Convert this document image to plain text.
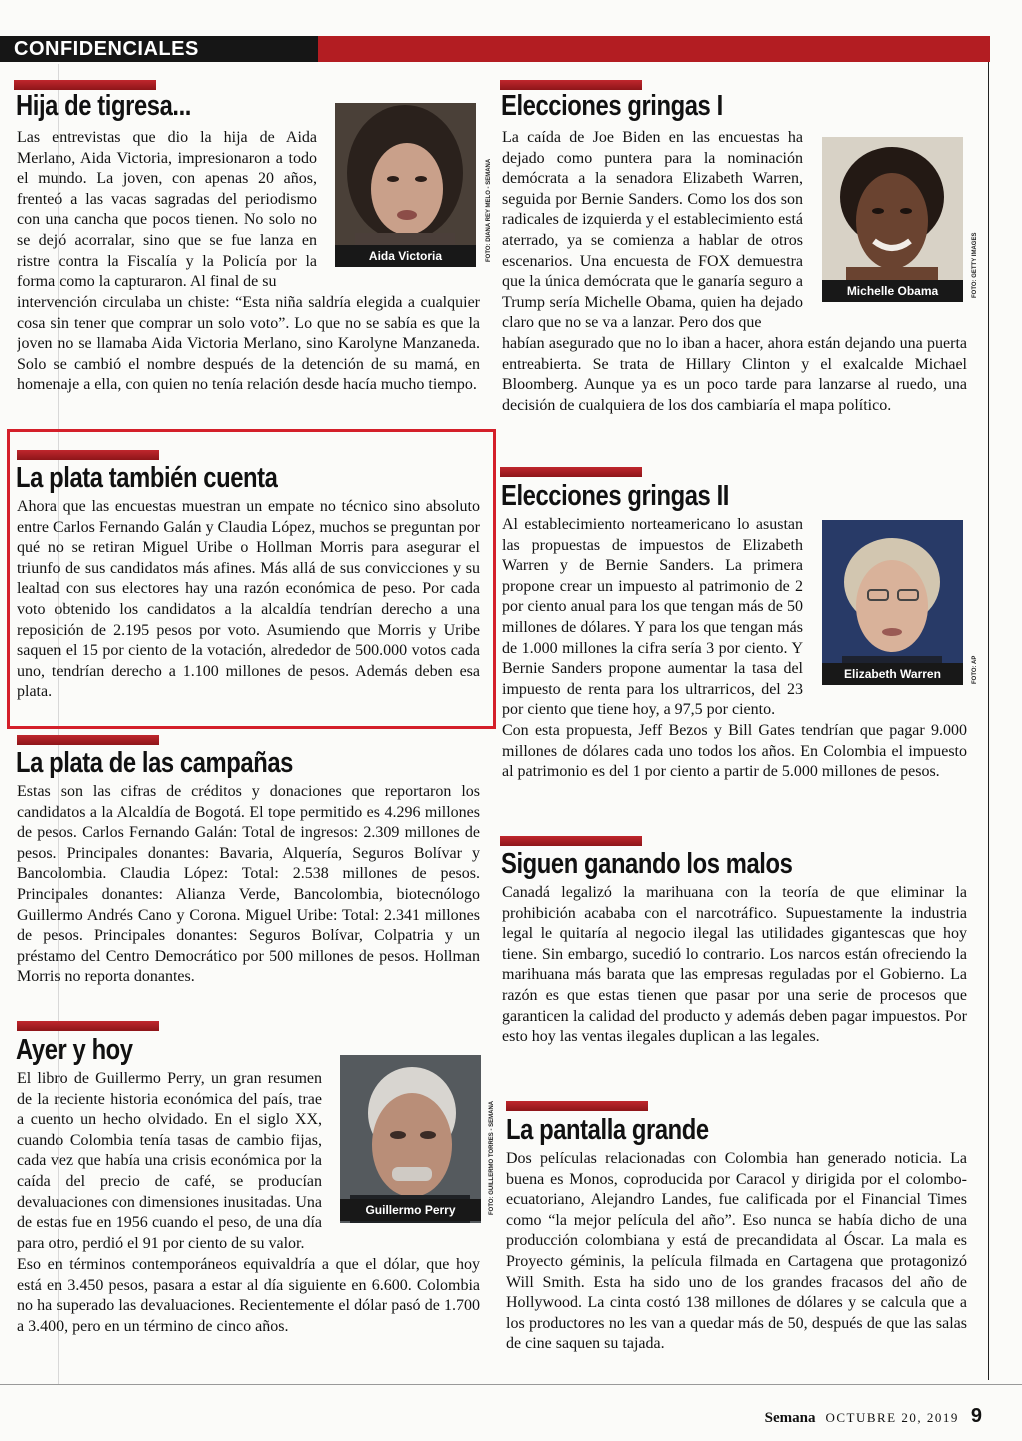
CONFIDENCIALES
Hija de tigresa...

Las entrevistas que dio la hija de Aida Merlano, Aida Victoria, impresionaron a todo el mundo. La joven, con apenas 20 años, frenteó a las vacas sagradas del periodismo con una cancha que pocos tienen. No solo no se dejó acorralar, sino que se fue lanza en ristre contra la Fiscalía y la Policía por la forma como la capturaron. Al final de su

Aida Victoria	FOTO: DIANA REY MELO - SEMANA

intervención circulaba un chiste: “Esta niña saldría elegida a cualquier cosa sin tener que comprar un solo voto”. Lo que no se sabía es que la joven no se llamaba Aida Victoria Merlano, sino Karolyne Manzaneda. Solo se cambió el nombre después de la detención de su mamá, en homenaje a ella, con quien no tenía relación desde hacía mucho tiempo.

La plata también cuenta

Ahora que las encuestas muestran un empate no técnico sino absoluto entre Carlos Fernando Galán y Claudia López, muchos se preguntan por qué no se retiran Miguel Uribe o Hollman Morris para asegurar el triunfo de sus candidatos más afines. Más allá de sus convicciones y su lealtad con sus electores hay una razón económica de peso. Por cada voto obtenido los candidatos a la alcaldía tendrían derecho a una reposición de 2.195 pesos por voto. Asumiendo que Morris y Uribe saquen el 15 por ciento de la votación, alrededor de 500.000 votos cada uno, tendrían derecho a 1.100 millones de pesos. Además deben esa plata.

La plata de las campañas

Estas son las cifras de créditos y donaciones que reportaron los candidatos a la Alcaldía de Bogotá. El tope permitido es 4.296 millones de pesos. Carlos Fernando Galán: Total de ingresos: 2.309 millones de pesos. Principales donantes: Bavaria, Alquería, Seguros Bolívar y Bancolombia. Claudia López: Total: 2.538 millones de pesos. Principales donantes: Alianza Verde, Bancolombia, biotecnólogo Guillermo Andrés Cano y Corona. Miguel Uribe: Total: 2.341 millones de pesos. Principales donantes: Seguros Bolívar, Colpatria y un préstamo del Centro Democrático por 500 millones de pesos. Hollman Morris no reporta donantes.

Ayer y hoy

El libro de Guillermo Perry, un gran resumen de la reciente historia económica del país, trae a cuento un hecho olvidado. En el siglo XX, cuando Colombia tenía tasas de cambio fijas, cada vez que había una crisis económica por la caída del precio de café, se producían devaluaciones con dimensiones inusitadas. Una de estas fue en 1956 cuando el peso, de una día para otro, perdió el 91 por ciento de su valor.

Guillermo Perry	FOTO: GUILLERMO TORRES - SEMANA

Eso en términos contemporáneos equivaldría a que el dólar, que hoy está en 3.450 pesos, pasara a estar al día siguiente en 6.600. Colombia no ha superado las devaluaciones. Recientemente el dólar pasó de 1.700 a 3.400, pero en un término de cinco años.

Elecciones gringas I

La caída de Joe Biden en las encuestas ha dejado como puntera para la nominación demócrata a la senadora Elizabeth Warren, seguida por Bernie Sanders. Como los dos son radicales de izquierda y el establecimiento está aterrado, ya se comienza a hablar de otros escenarios. Una encuesta de FOX demuestra que la única demócrata que le ganaría seguro a Trump sería Michelle Obama, quien ha dejado claro que no se va a lanzar. Pero dos que

Michelle Obama	FOTO: GETTY IMAGES

habían asegurado que no lo iban a hacer, ahora están dejando una puerta entreabierta. Se trata de Hillary Clinton y el exalcalde Michael Bloomberg. Aunque ya es un poco tarde para lanzarse al ruedo, una decisión de cualquiera de los dos cambiaría el mapa político.

Elecciones gringas II

Al establecimiento norteamericano lo asustan las propuestas de impuestos de Elizabeth Warren y de Bernie Sanders. La primera propone crear un impuesto al patrimonio de 2 por ciento anual para los que tengan más de 50 millones de dólares. Y para los que tengan más de 1.000 millones la cifra sería 3 por ciento. Y Bernie Sanders propone aumentar la tasa del impuesto de renta para los ultrarricos, del 23 por ciento que tiene hoy, a 97,5 por ciento.

Elizabeth Warren	FOTO: AP

Con esta propuesta, Jeff Bezos y Bill Gates tendrían que pagar 9.000 millones de dólares cada uno todos los años. En Colombia el impuesto al patrimonio es del 1 por ciento a partir de 5.000 millones de pesos.

Siguen ganando los malos

Canadá legalizó la marihuana con la teoría de que eliminar la prohibición acababa con el narcotráfico. Supuestamente la industria legal le quitaría al negocio ilegal las utilidades gigantescas que hoy tiene. Sin embargo, sucedió lo contrario. Los narcos están ofreciendo la marihuana más barata que las empresas reguladas por el Gobierno. La razón es que estas tienen que pasar por una serie de procesos que garanticen la calidad del producto y además deben pagar impuestos. Por esto hoy las ventas ilegales duplican a las legales.

La pantalla grande

Dos películas relacionadas con Colombia han generado noticia. La buena es Monos, coproducida por Caracol y dirigida por el colombo-ecuatoriano, Alejandro Landes, fue calificada por el Financial Times como “la mejor película del año”. Eso nunca se había dicho de una producción colombiana y está de precandidata al Óscar. La mala es Proyecto géminis, la película filmada en Cartagena que protagonizó Will Smith. Esta ha sido uno de los grandes fracasos del año de Hollywood. La cinta costó 138 millones de dólares y se calcula que a los productores no les van a quedar más de 50, después de que las salas de cine saquen su tajada.

Semana OCTUBRE 20, 2019 9
